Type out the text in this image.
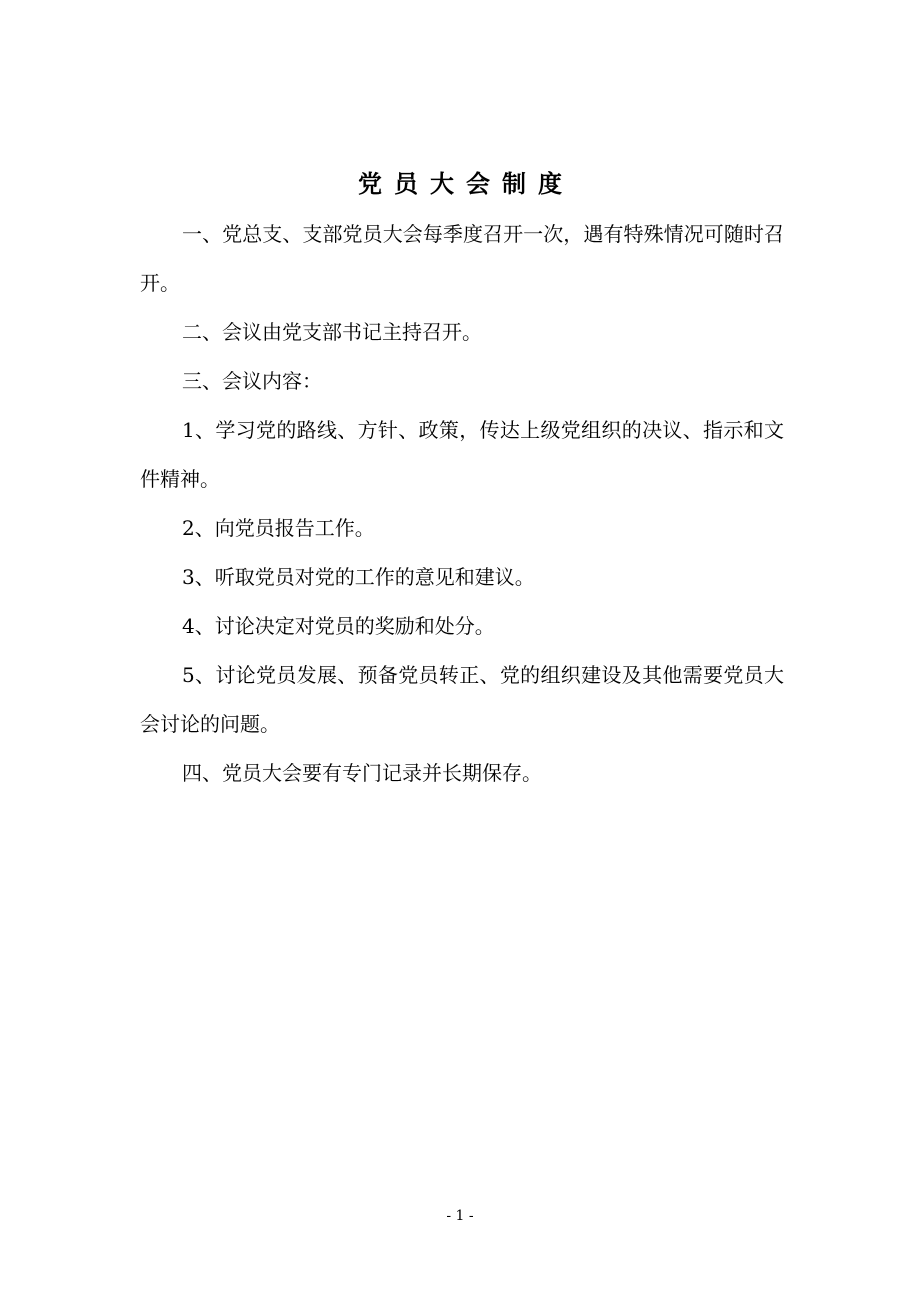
党员大会制度

一、党总支、支部党员大会每季度召开一次，遇有特殊情况可随时召开。

二、会议由党支部书记主持召开。

三、会议内容：

1、学习党的路线、方针、政策，传达上级党组织的决议、指示和文件精神。

2、向党员报告工作。

3、听取党员对党的工作的意见和建议。

4、讨论决定对党员的奖励和处分。

5、讨论党员发展、预备党员转正、党的组织建设及其他需要党员大会讨论的问题。

四、党员大会要有专门记录并长期保存。

- 1 -
